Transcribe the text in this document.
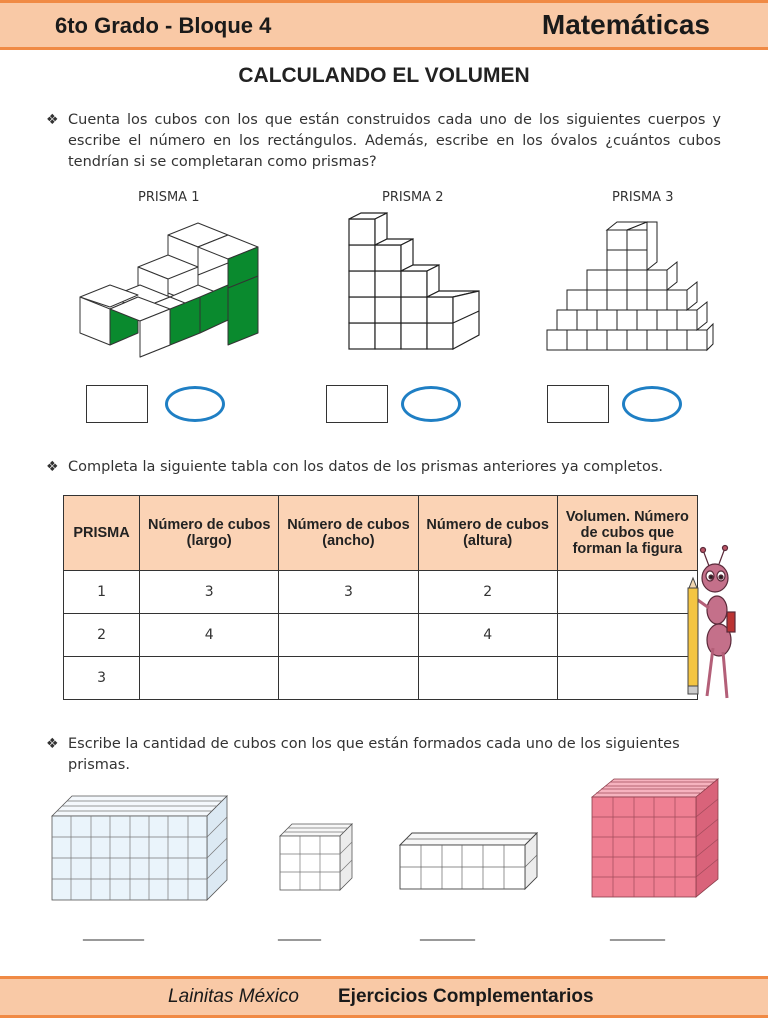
6to Grado - Bloque 4	Matemáticas
CALCULANDO EL VOLUMEN
❖ Cuenta los cubos con los que están construidos cada uno de los siguientes cuerpos y escribe el número en los rectángulos. Además, escribe en los óvalos ¿cuántos cubos tendrían si se completaran como prismas?
PRISMA 1	PRISMA 2	PRISMA 3
❖ Completa la siguiente tabla con los datos de los prismas anteriores ya completos.
PRISMA	Número de cubos (largo)	Número de cubos (ancho)	Número de cubos (altura)	Volumen. Número de cubos que forman la figura
1	3	3	2	
2	4		4	
3				
❖ Escribe la cantidad de cubos con los que están formados cada uno de los siguientes prismas.
__________	_______	_________	_________
Lainitas México Ejercicios Complementarios
